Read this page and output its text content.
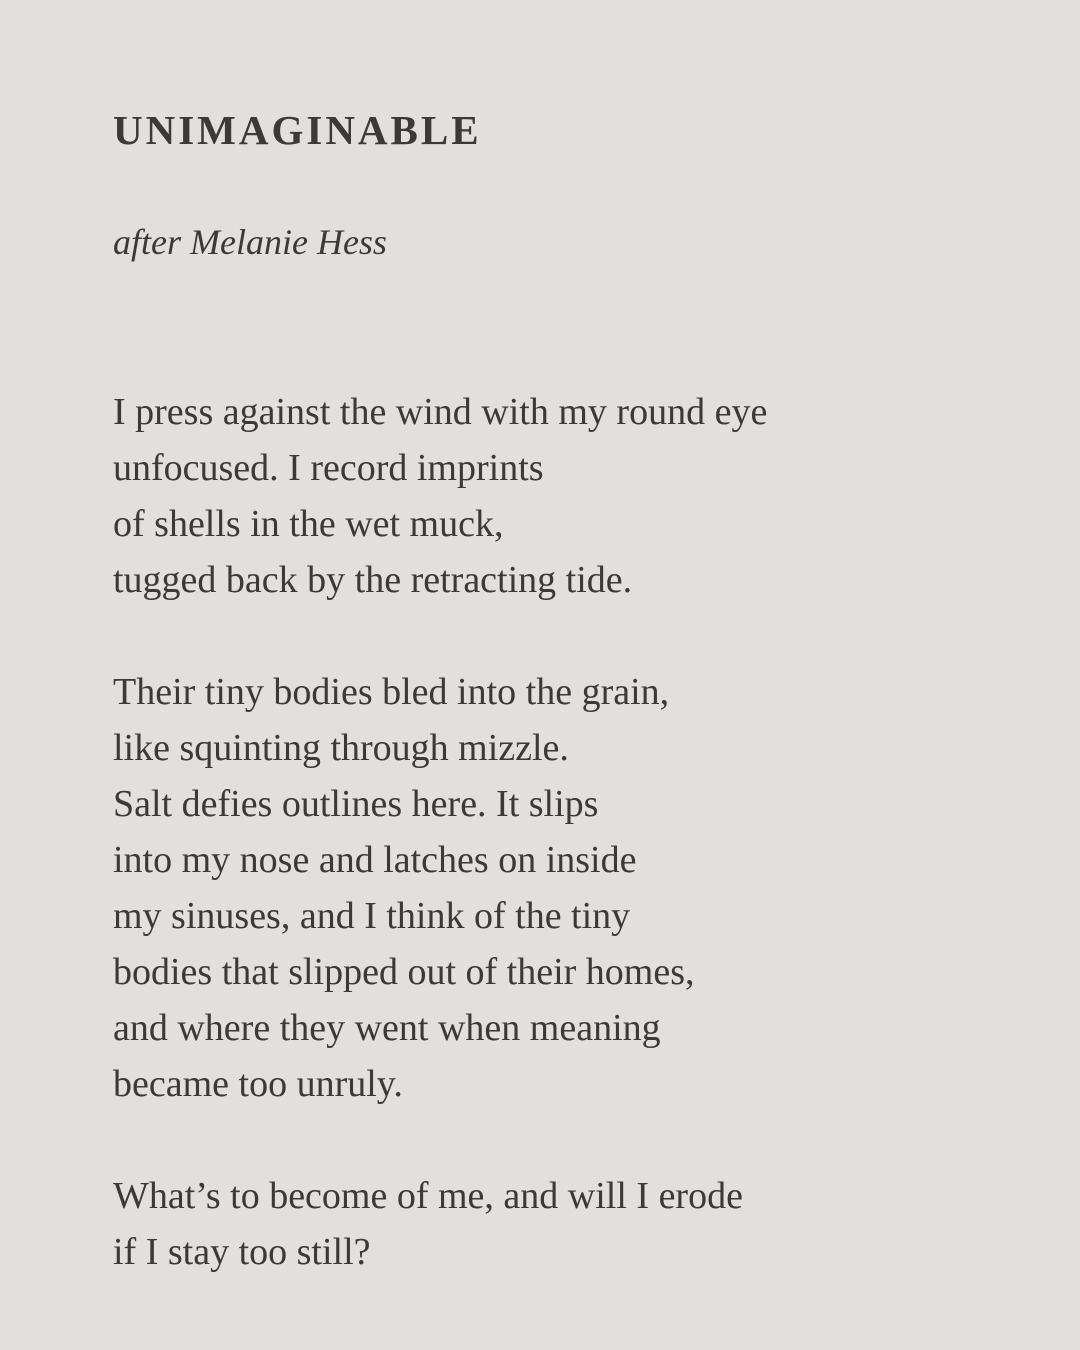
UNIMAGINABLE

after Melanie Hess

I press against the wind with my round eye
unfocused. I record imprints
of shells in the wet muck,
tugged back by the retracting tide.
Their tiny bodies bled into the grain,
like squinting through mizzle.
Salt defies outlines here. It slips
into my nose and latches on inside
my sinuses, and I think of the tiny
bodies that slipped out of their homes,
and where they went when meaning
became too unruly.
What’s to become of me, and will I erode
if I stay too still?
